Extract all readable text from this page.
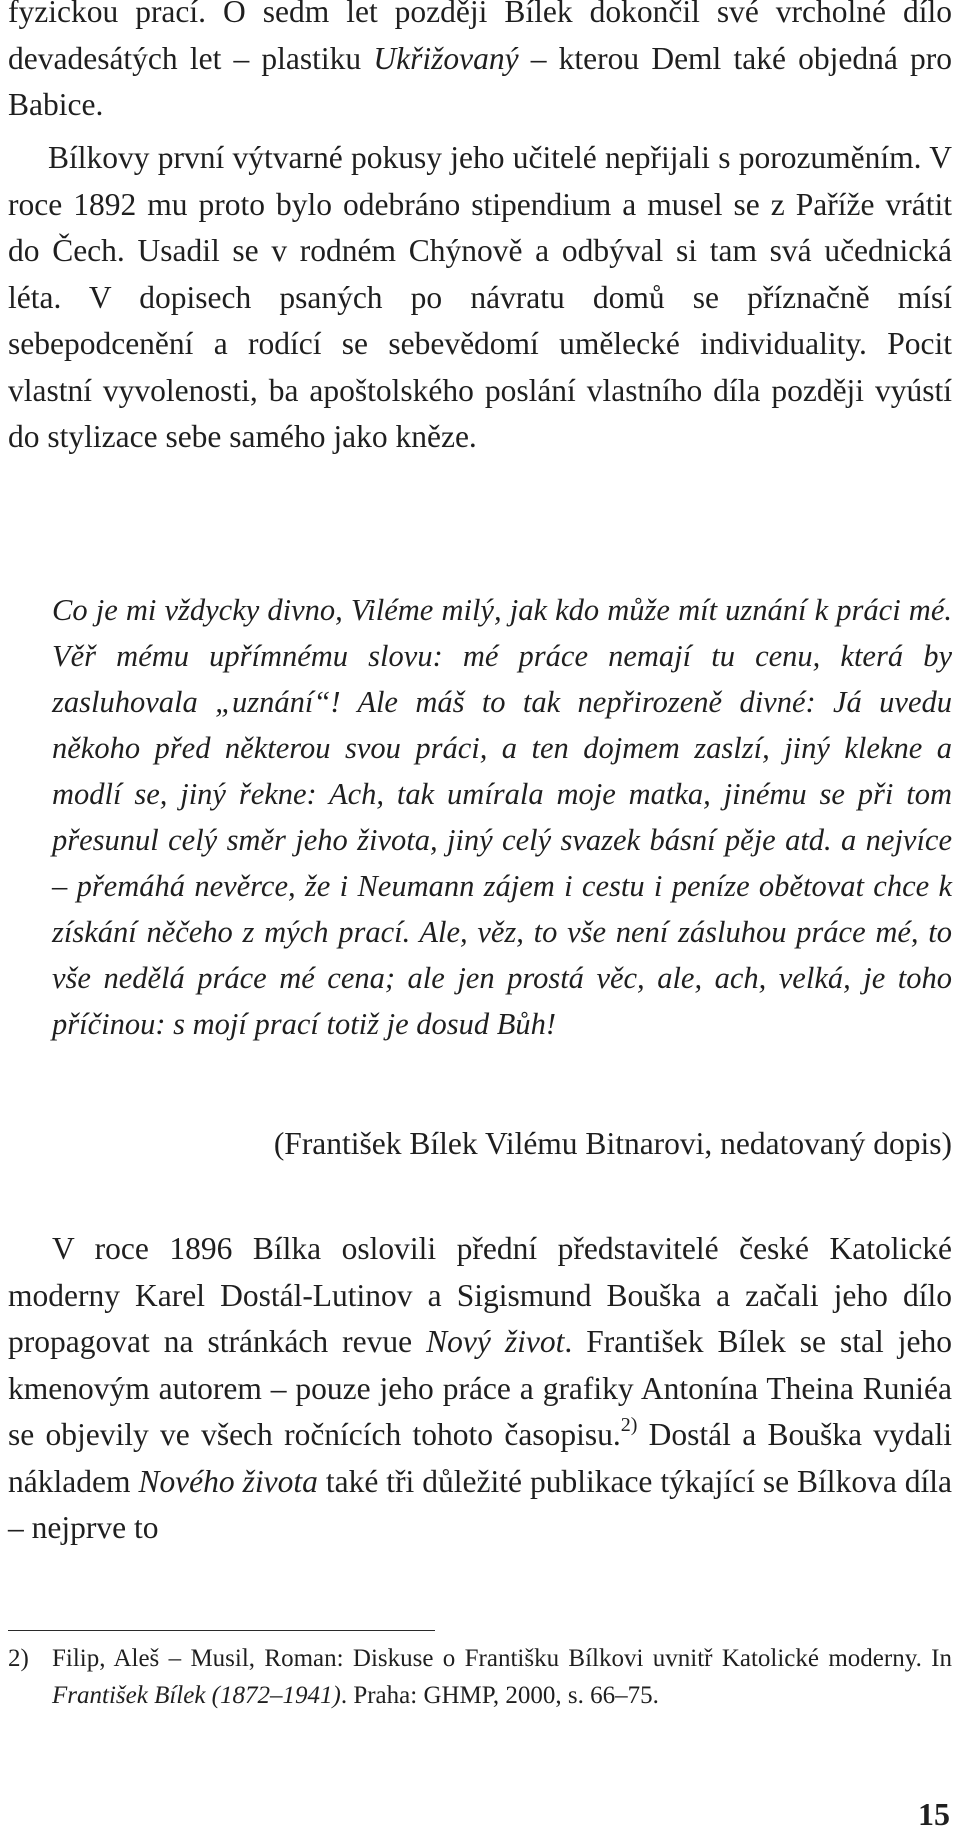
fyzickou prací. O sedm let později Bílek dokončil své vrcholné dílo devadesátých let – plastiku Ukřižovaný – kterou Deml také objedná pro Babice.

Bílkovy první výtvarné pokusy jeho učitelé nepřijali s porozuměním. V roce 1892 mu proto bylo odebráno stipendium a musel se z Paříže vrátit do Čech. Usadil se v rodném Chýnově a odbýval si tam svá učednická léta. V dopisech psaných po návratu domů se příznačně mísí sebepodcenění a rodící se sebevědomí umělecké individuality. Pocit vlastní vyvolenosti, ba apoštolského poslání vlastního díla později vyústí do stylizace sebe samého jako kněze.

Co je mi vždycky divno, Viléme milý, jak kdo může mít uznání k práci mé. Věř mému upřímnému slovu: mé práce nemají tu cenu, která by zasluhovala „uznání“! Ale máš to tak nepřirozeně divné: Já uvedu někoho před některou svou práci, a ten dojmem zaslzí, jiný klekne a modlí se, jiný řekne: Ach, tak umírala moje matka, jinému se při tom přesunul celý směr jeho života, jiný celý svazek básní pěje atd. a nejvíce – přemáhá nevěrce, že i Neumann zájem i cestu i peníze obětovat chce k získání něčeho z mých prací. Ale, věz, to vše není zásluhou práce mé, to vše nedělá práce mé cena; ale jen prostá věc, ale, ach, velká, je toho příčinou: s mojí prací totiž je dosud Bůh!

(František Bílek Vilému Bitnarovi, nedatovaný dopis)

V roce 1896 Bílka oslovili přední představitelé české Katolické moderny Karel Dostál-Lutinov a Sigismund Bouška a začali jeho dílo propagovat na stránkách revue Nový život. František Bílek se stal jeho kmenovým autorem – pouze jeho práce a grafiky Antonína Theina Runiéa se objevily ve všech ročnících tohoto časopisu.$^{2)}$ Dostál a Bouška vydali nákladem Nového života také tři důležité publikace týkající se Bílkova díla – nejprve to

2) Filip, Aleš – Musil, Roman: Diskuse o Františku Bílkovi uvnitř Katolické moderny. In František Bílek (1872–1941). Praha: GHMP, 2000, s. 66–75.

15
